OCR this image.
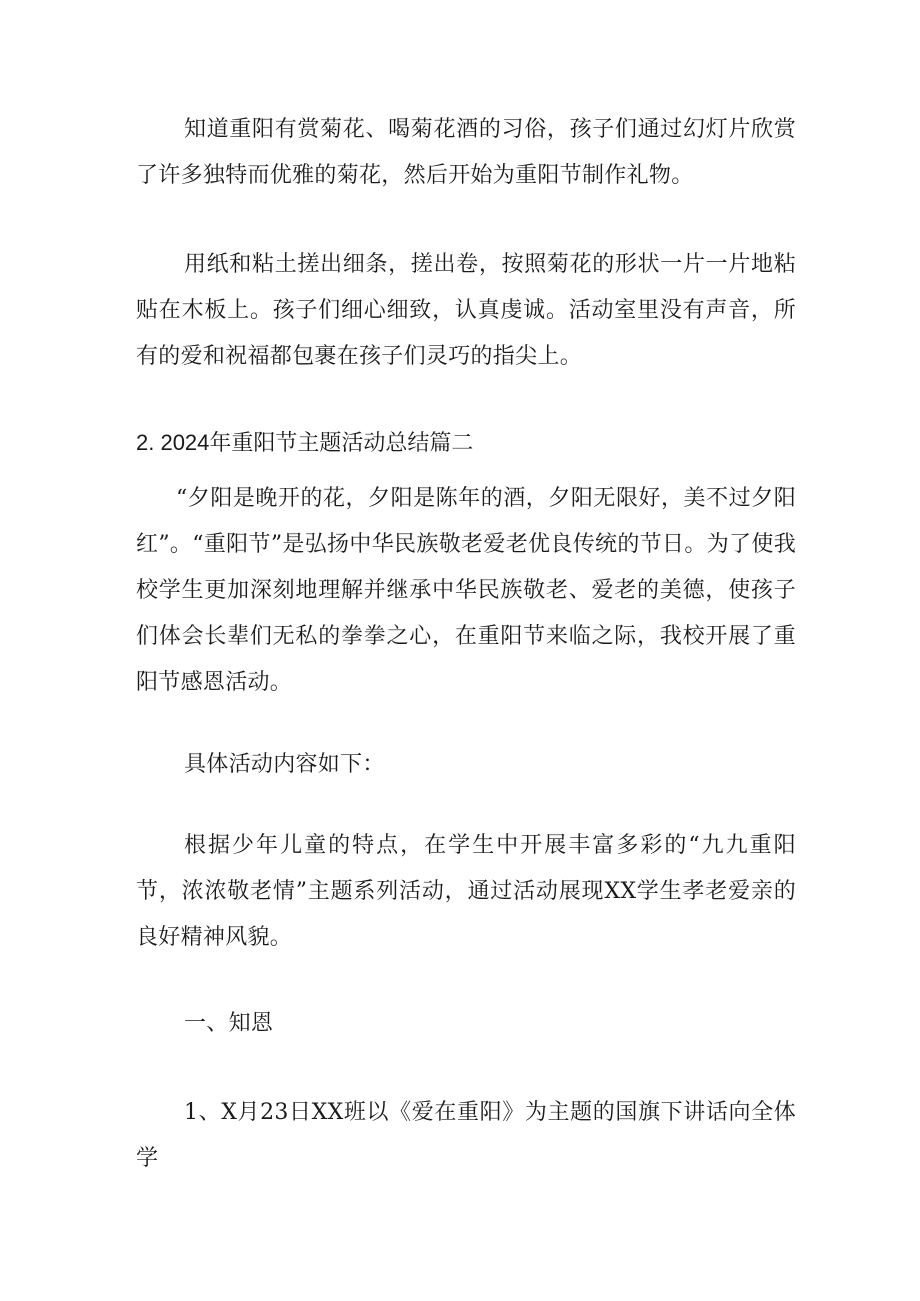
知道重阳有赏菊花、喝菊花酒的习俗，孩子们通过幻灯片欣赏了许多独特而优雅的菊花，然后开始为重阳节制作礼物。

用纸和粘土搓出细条，搓出卷，按照菊花的形状一片一片地粘贴在木板上。孩子们细心细致，认真虔诚。活动室里没有声音，所有的爱和祝福都包裹在孩子们灵巧的指尖上。

2. 2024年重阳节主题活动总结篇二

“夕阳是晚开的花，夕阳是陈年的酒，夕阳无限好，美不过夕阳红”。“重阳节”是弘扬中华民族敬老爱老优良传统的节日。为了使我校学生更加深刻地理解并继承中华民族敬老、爱老的美德，使孩子们体会长辈们无私的拳拳之心，在重阳节来临之际，我校开展了重阳节感恩活动。

具体活动内容如下：

根据少年儿童的特点，在学生中开展丰富多彩的“九九重阳节，浓浓敬老情”主题系列活动，通过活动展现XX学生孝老爱亲的良好精神风貌。

一、知恩

1、X月23日XX班以《爱在重阳》为主题的国旗下讲话向全体学
